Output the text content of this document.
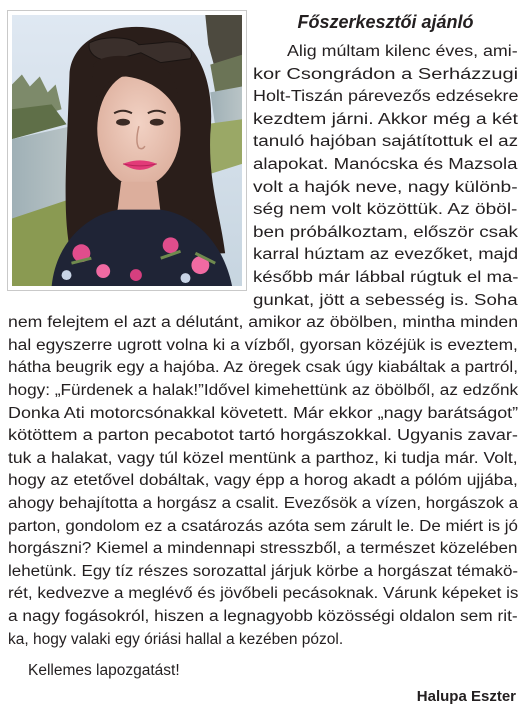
Főszerkesztői ajánló
Alig múltam kilenc éves, ami-
kor Csongrádon a Serházzugi
Holt-Tiszán párevezős edzésekre
kezdtem járni. Akkor még a két
tanuló hajóban sajátítottuk el az
alapokat. Manócska és Mazsola
volt a hajók neve, nagy különb-
ség nem volt közöttük. Az öböl-
ben próbálkoztam, először csak
karral húztam az evezőket, majd
később már lábbal rúgtuk el ma-
gunkat, jött a sebesség is. Soha
nem felejtem el azt a délutánt, amikor az öbölben, mintha minden
hal egyszerre ugrott volna ki a vízből, gyorsan közéjük is eveztem,
hátha beugrik egy a hajóba. Az öregek csak úgy kiabáltak a partról,
hogy: „Fürdenek a halak!”Idővel kimehettünk az öbölből, az edzőnk
Donka Ati motorcsónakkal követett. Már ekkor „nagy barátságot”
kötöttem a parton pecabotot tartó horgászokkal. Ugyanis zavar-
tuk a halakat, vagy túl közel mentünk a parthoz, ki tudja már. Volt,
hogy az etetővel dobáltak, vagy épp a horog akadt a pólóm ujjába,
ahogy behajította a horgász a csalit. Evezősök a vízen, horgászok a
parton, gondolom ez a csatározás azóta sem zárult le. De miért is jó
horgászni? Kiemel a mindennapi stresszből, a természet közelében
lehetünk. Egy tíz részes sorozattal járjuk körbe a horgászat témakö-
rét, kedvezve a meglévő és jövőbeli pecásoknak. Várunk képeket is
a nagy fogásokról, hiszen a legnagyobb közösségi oldalon sem rit-
ka, hogy valaki egy óriási hallal a kezében pózol.
Kellemes lapozgatást!
Halupa Eszter
